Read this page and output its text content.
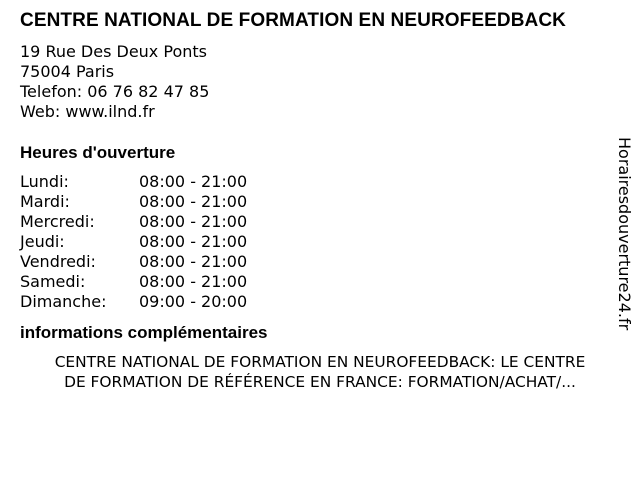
CENTRE NATIONAL DE FORMATION EN NEUROFEEDBACK
19 Rue Des Deux Ponts
75004 Paris
Telefon: 06 76 82 47 85
Web: www.ilnd.fr
Heures d'ouverture
Lundi:	08:00 - 21:00
Mardi:	08:00 - 21:00
Mercredi:	08:00 - 21:00
Jeudi:	08:00 - 21:00
Vendredi:	08:00 - 21:00
Samedi:	08:00 - 21:00
Dimanche:	09:00 - 20:00
informations complémentaires
CENTRE NATIONAL DE FORMATION EN NEUROFEEDBACK: LE CENTRE
DE FORMATION DE RÉFÉRENCE EN FRANCE: FORMATION/ACHAT/...
Horairesdouverture24.fr
